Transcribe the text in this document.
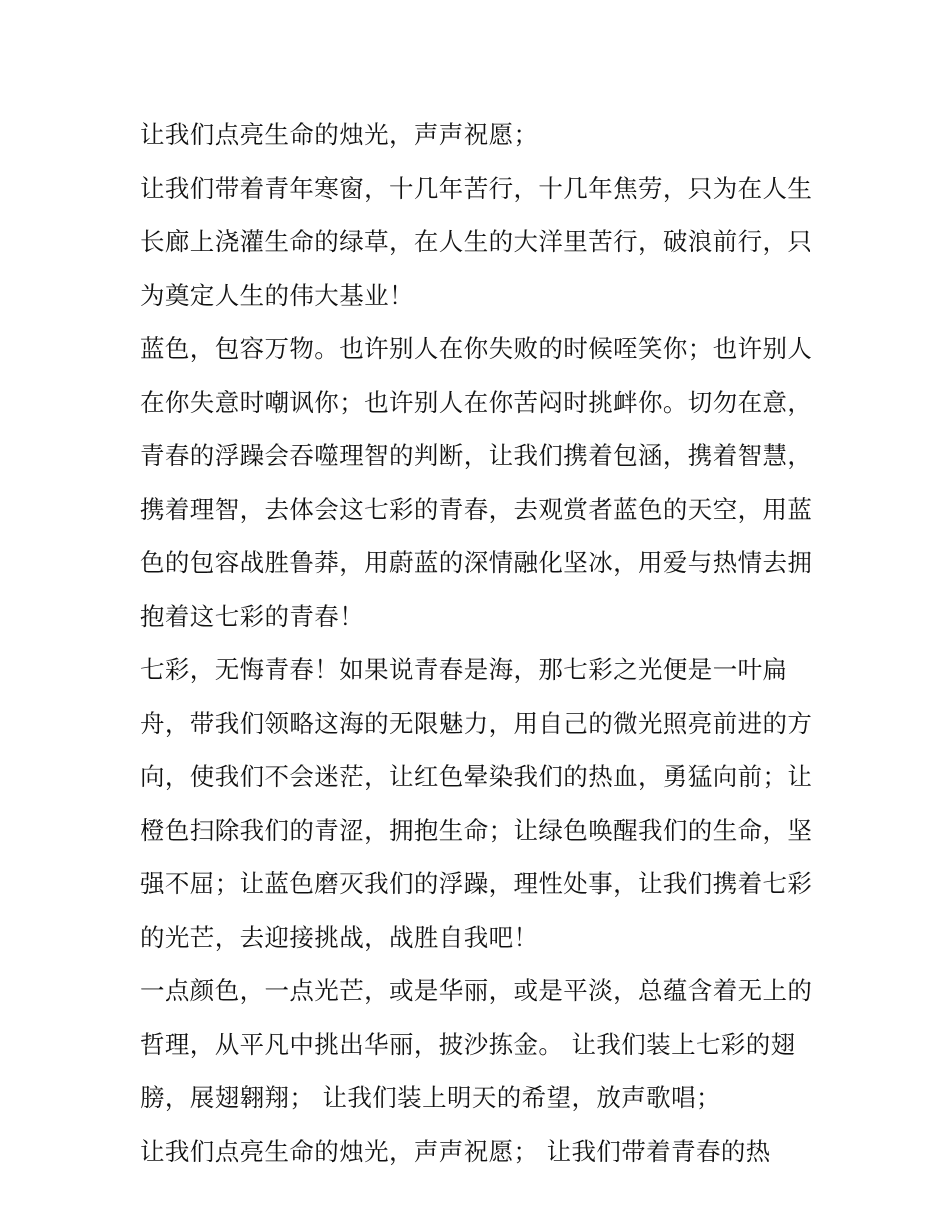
让我们点亮生命的烛光，声声祝愿；
让我们带着青年寒窗，十几年苦行，十几年焦劳，只为在人生
长廊上浇灌生命的绿草，在人生的大洋里苦行，破浪前行，只
为奠定人生的伟大基业！
蓝色，包容万物。也许别人在你失败的时候咥笑你；也许别人
在你失意时嘲讽你；也许别人在你苦闷时挑衅你。切勿在意，
青春的浮躁会吞噬理智的判断，让我们携着包涵，携着智慧，
携着理智，去体会这七彩的青春，去观赏者蓝色的天空，用蓝
色的包容战胜鲁莽，用蔚蓝的深情融化坚冰，用爱与热情去拥
抱着这七彩的青春！
七彩，无悔青春！如果说青春是海，那七彩之光便是一叶扁
舟，带我们领略这海的无限魅力，用自己的微光照亮前进的方
向，使我们不会迷茫，让红色晕染我们的热血，勇猛向前；让
橙色扫除我们的青涩，拥抱生命；让绿色唤醒我们的生命，坚
强不屈；让蓝色磨灭我们的浮躁，理性处事，让我们携着七彩
的光芒，去迎接挑战，战胜自我吧！
一点颜色，一点光芒，或是华丽，或是平淡，总蕴含着无上的
哲理，从平凡中挑出华丽，披沙拣金。 让我们装上七彩的翅
膀，展翅翱翔； 让我们装上明天的希望，放声歌唱；
让我们点亮生命的烛光，声声祝愿； 让我们带着青春的热
